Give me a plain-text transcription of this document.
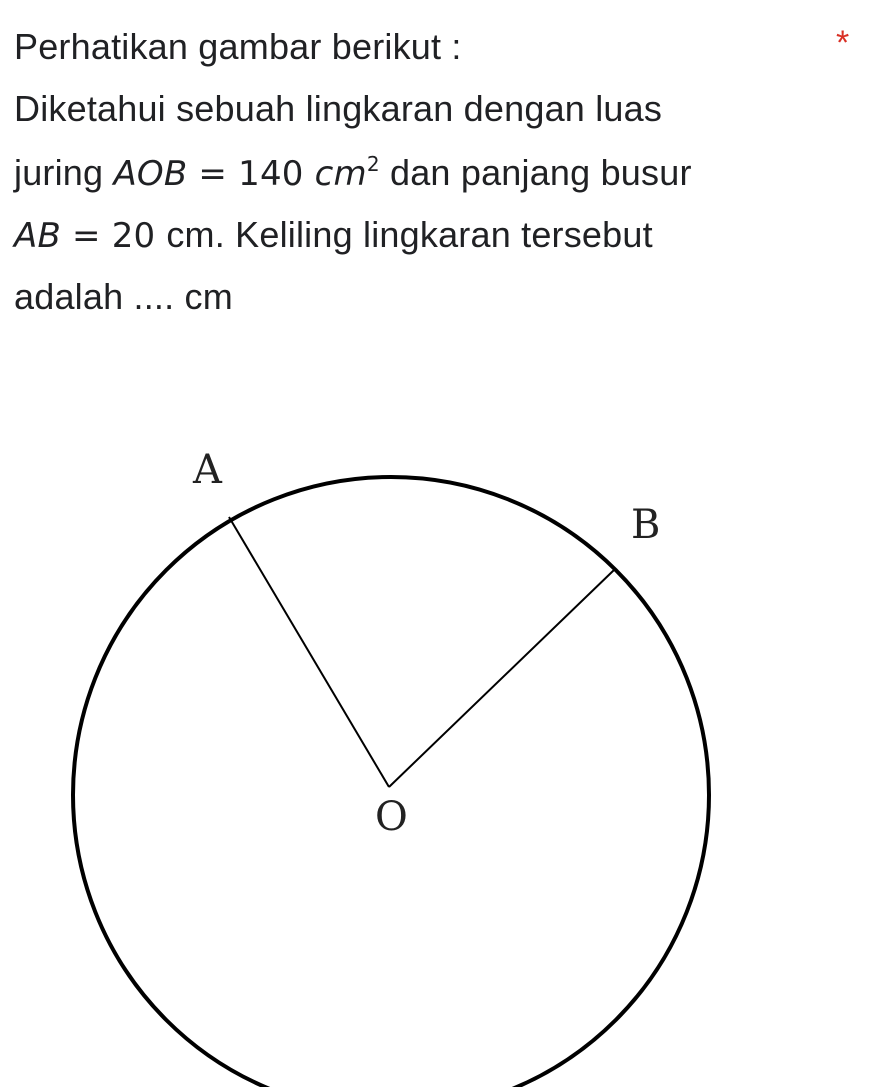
Perhatikan gambar berikut :	*
Diketahui sebuah lingkaran dengan luas
juring AOB = 140 $cm^2$ dan panjang busur
AB = 20 cm. Keliling lingkaran tersebut
adalah .... cm
A
B
O
